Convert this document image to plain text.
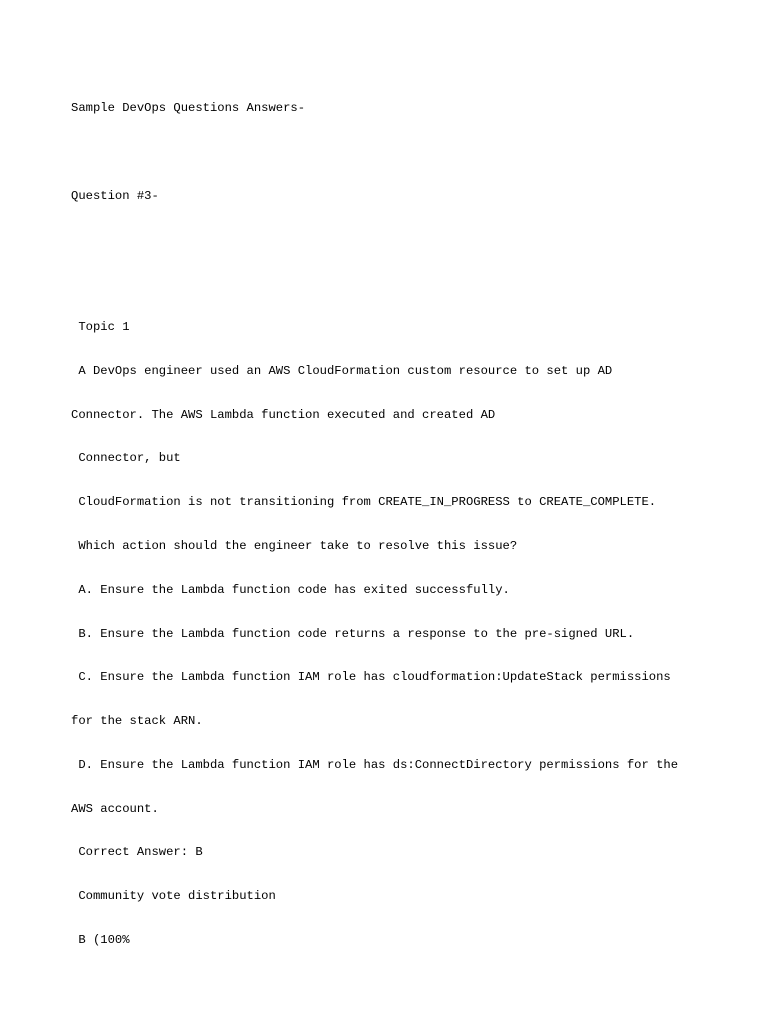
Sample DevOps Questions Answers-

Question #3-

Topic 1

A DevOps engineer used an AWS CloudFormation custom resource to set up AD

Connector. The AWS Lambda function executed and created AD

Connector, but

CloudFormation is not transitioning from CREATE_IN_PROGRESS to CREATE_COMPLETE.

Which action should the engineer take to resolve this issue?

A. Ensure the Lambda function code has exited successfully.

B. Ensure the Lambda function code returns a response to the pre-signed URL.

C. Ensure the Lambda function IAM role has cloudformation:UpdateStack permissions

for the stack ARN.

D. Ensure the Lambda function IAM role has ds:ConnectDirectory permissions for the

AWS account.

Correct Answer: B

Community vote distribution

B (100%
